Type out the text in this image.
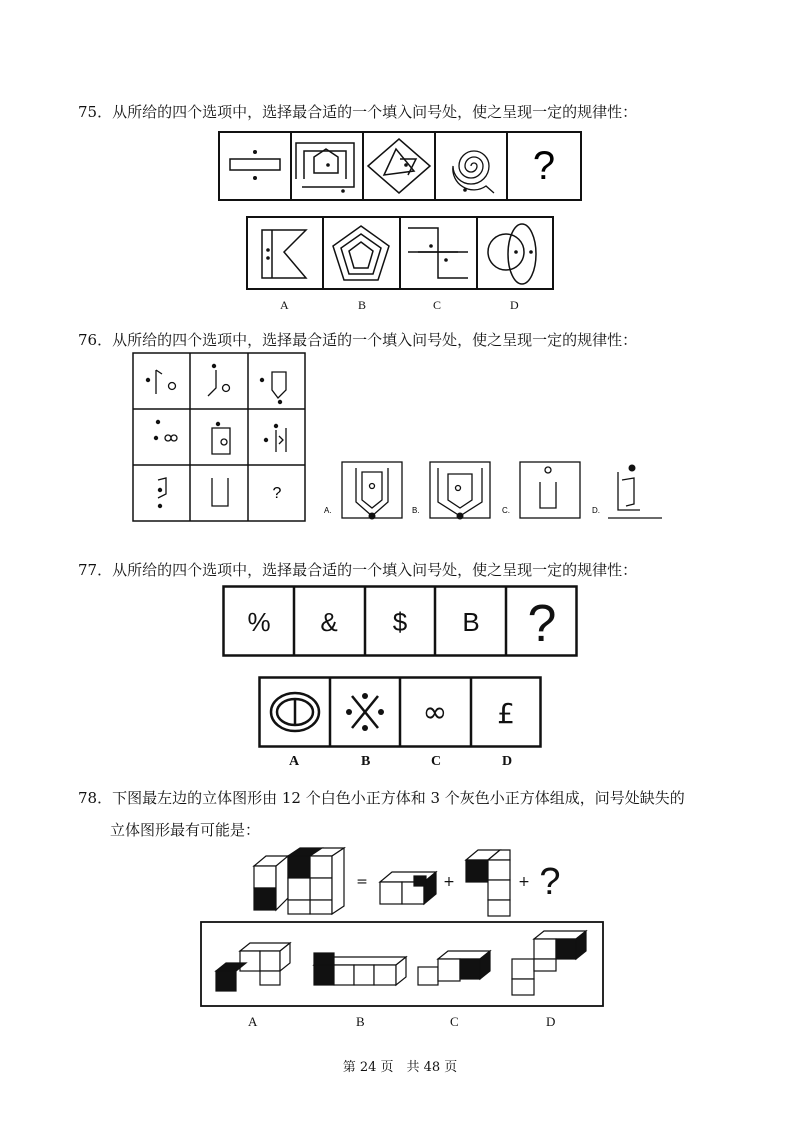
75．从所给的四个选项中，选择最合适的一个填入问号处，使之呈现一定的规律性：
?
A	B	C	D
76．从所给的四个选项中，选择最合适的一个填入问号处，使之呈现一定的规律性：
?
A.	B.	C.	D.
77．从所给的四个选项中，选择最合适的一个填入问号处，使之呈现一定的规律性：
% & $ B ?
∞ £
A	B	C	D
78．下图最左边的立体图形由 12 个白色小正方体和 3 个灰色小正方体组成，问号处缺失的
立体图形最有可能是：
=	+	+ ?
A	B	C	D
第 24 页　共 48 页
